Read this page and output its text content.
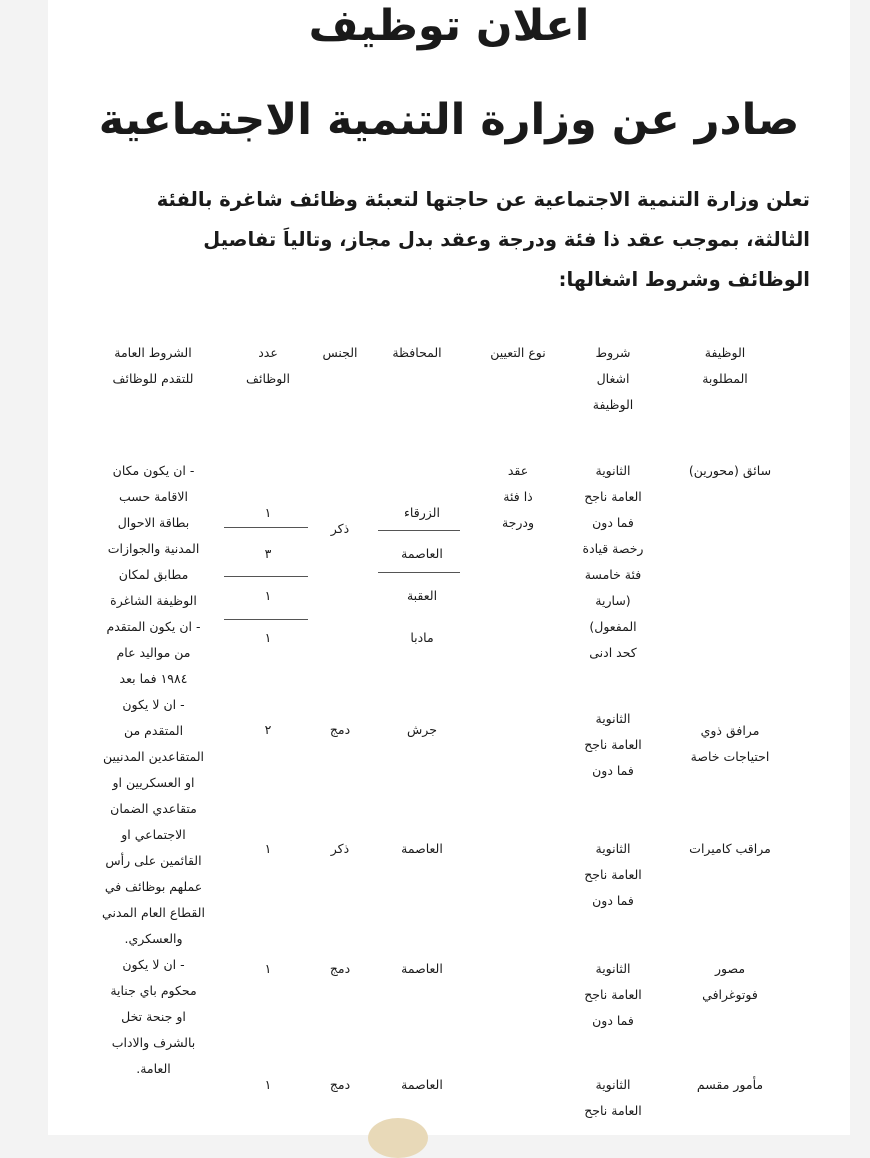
اعلان توظيف
صادر عن وزارة التنمية الاجتماعية
تعلن وزارة التنمية الاجتماعية عن حاجتها لتعبئة وظائف شاغرة بالفئة
الثالثة، بموجب عقد ذا فئة ودرجة وعقد بدل مجاز، وتالياَ تفاصيل
الوظائف وشروط اشغالها:
الوظيفة
المطلوبة
شروط
اشغال
الوظيفة
نوع التعيين
المحافظة
الجنس
عدد
الوظائف
الشروط العامة
للتقدم للوظائف
- ان يكون مكان
الاقامة حسب
بطاقة الاحوال
المدنية والجوازات
مطابق لمكان
الوظيفة الشاغرة
- ان يكون المتقدم
من مواليد عام
١٩٨٤ فما بعد
- ان لا يكون
المتقدم من
المتقاعدين المدنيين
او العسكريين او
متقاعدي الضمان
الاجتماعي او
القائمين على رأس
عملهم بوظائف في
القطاع العام المدني
والعسكري.
- ان لا يكون
محكوم باي جناية
او جنحة تخل
بالشرف والاداب
العامة.
سائق (محورين)
الثانوية
العامة ناجح
فما دون
رخصة قيادة
فئة خامسة
(سارية
المفعول)
كحد ادنى
عقد
ذا فئة
ودرجة
ذكر
الزرقاء
العاصمة
العقبة
مادبا
١
٣
١
١
مرافق ذوي
احتياجات خاصة
الثانوية
العامة ناجح
فما دون
جرش
دمج
٢
مراقب كاميرات
الثانوية
العامة ناجح
فما دون
العاصمة
ذكر
١
مصور
فوتوغرافي
الثانوية
العامة ناجح
فما دون
العاصمة
دمج
١
مأمور مقسم
الثانوية
العامة ناجح
العاصمة
دمج
١
